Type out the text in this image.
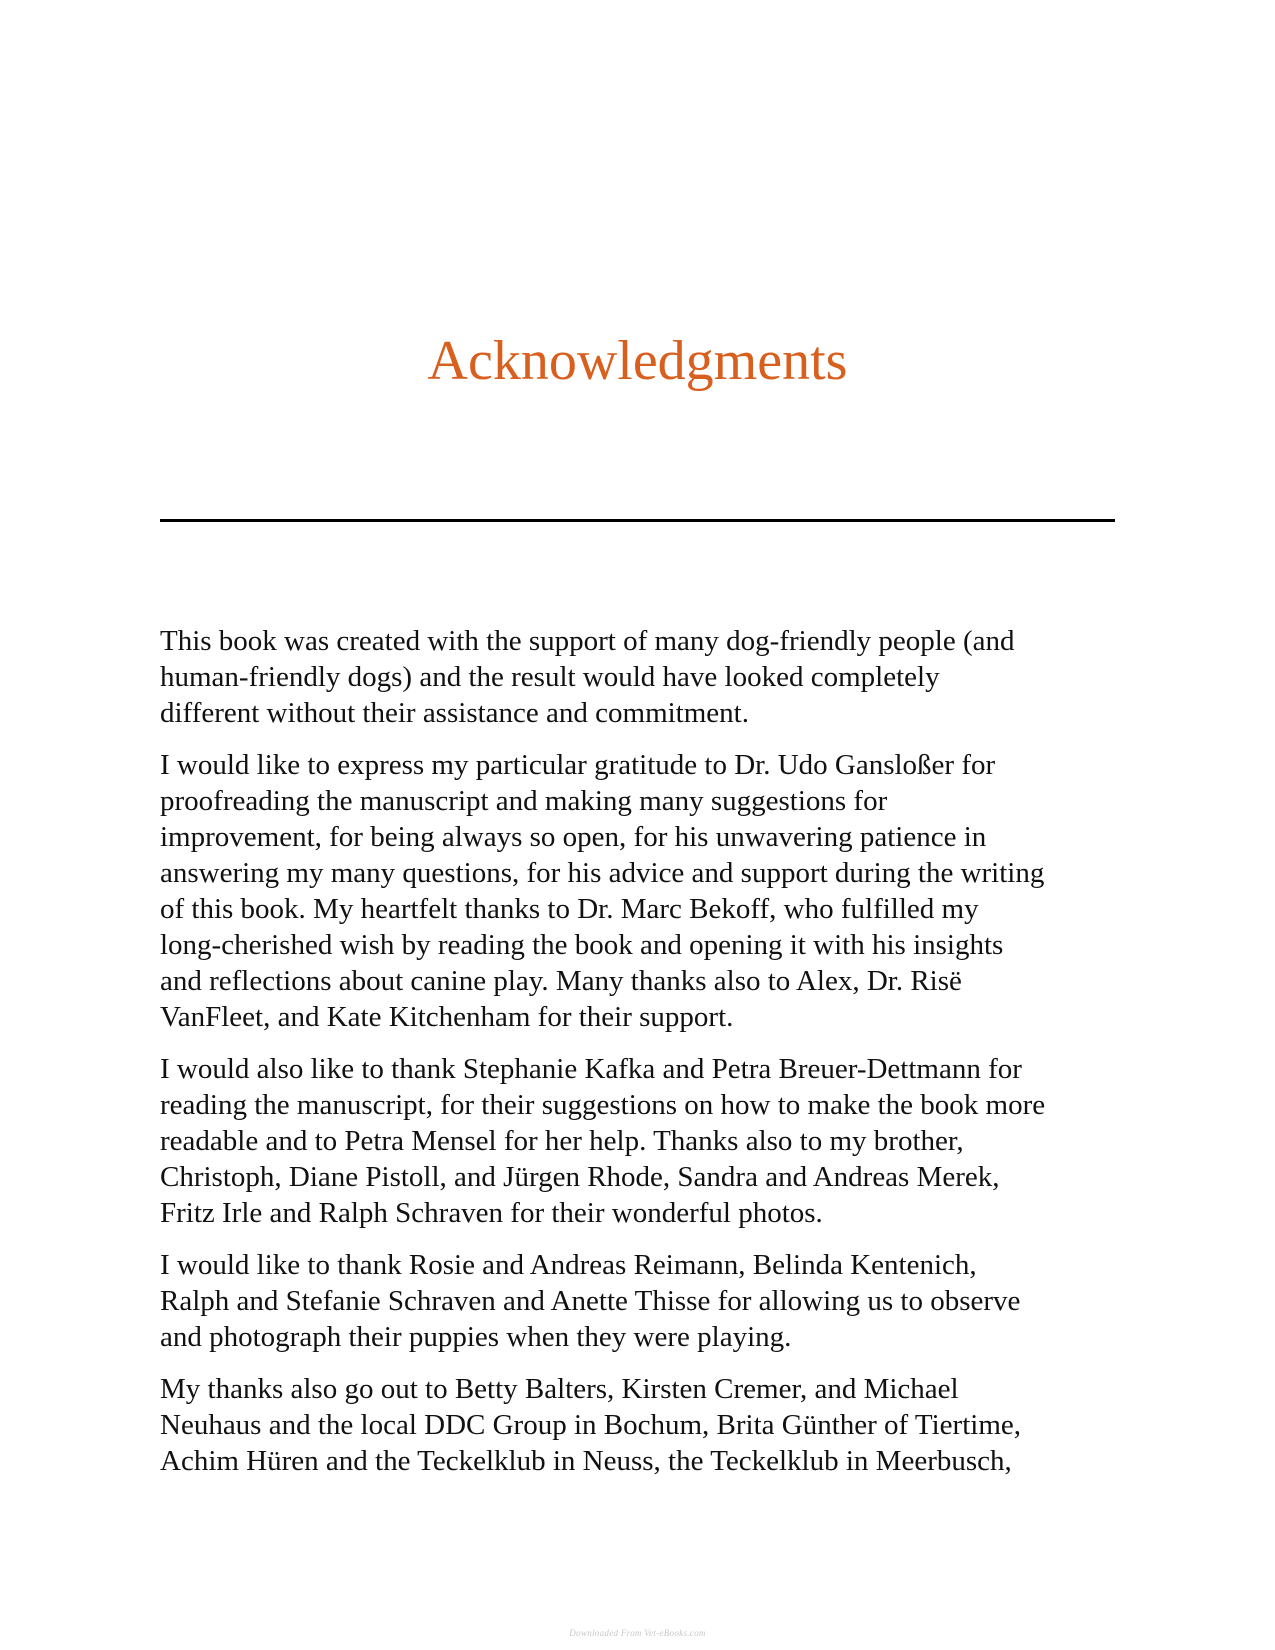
Acknowledgments

This book was created with the support of many dog-friendly people (and
human-friendly dogs) and the result would have looked completely
different without their assistance and commitment.

I would like to express my particular gratitude to Dr. Udo Gansloßer for
proofreading the manuscript and making many suggestions for
improvement, for being always so open, for his unwavering patience in
answering my many questions, for his advice and support during the writing
of this book. My heartfelt thanks to Dr. Marc Bekoff, who fulfilled my
long-cherished wish by reading the book and opening it with his insights
and reflections about canine play. Many thanks also to Alex, Dr. Risë
VanFleet, and Kate Kitchenham for their support.

I would also like to thank Stephanie Kafka and Petra Breuer-Dettmann for
reading the manuscript, for their suggestions on how to make the book more
readable and to Petra Mensel for her help. Thanks also to my brother,
Christoph, Diane Pistoll, and Jürgen Rhode, Sandra and Andreas Merek,
Fritz Irle and Ralph Schraven for their wonderful photos.

I would like to thank Rosie and Andreas Reimann, Belinda Kentenich,
Ralph and Stefanie Schraven and Anette Thisse for allowing us to observe
and photograph their puppies when they were playing.

My thanks also go out to Betty Balters, Kirsten Cremer, and Michael
Neuhaus and the local DDC Group in Bochum, Brita Günther of Tiertime,
Achim Hüren and the Teckelklub in Neuss, the Teckelklub in Meerbusch,

Downloaded From Vet-eBooks.com
